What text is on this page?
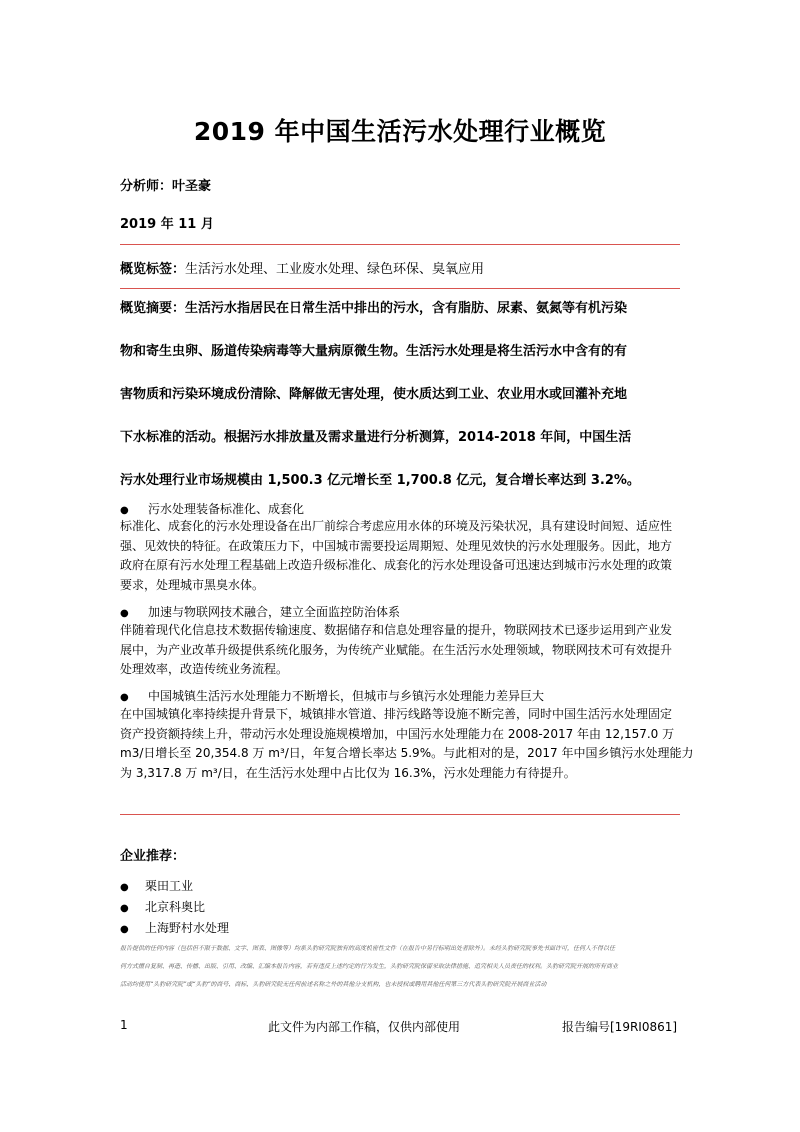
2019 年中国生活污水处理行业概览
分析师：叶圣豪
2019 年 11 月
概览标签：生活污水处理、工业废水处理、绿色环保、臭氧应用
概览摘要：生活污水指居民在日常生活中排出的污水，含有脂肪、尿素、氨氮等有机污染
物和寄生虫卵、肠道传染病毒等大量病原微生物。生活污水处理是将生活污水中含有的有
害物质和污染环境成份清除、降解做无害处理，使水质达到工业、农业用水或回灌补充地
下水标准的活动。根据污水排放量及需求量进行分析测算，2014-2018 年间，中国生活
污水处理行业市场规模由 1,500.3 亿元增长至 1,700.8 亿元，复合增长率达到 3.2%。
● 污水处理装备标准化、成套化
标准化、成套化的污水处理设备在出厂前综合考虑应用水体的环境及污染状况，具有建设时间短、适应性
强、见效快的特征。在政策压力下，中国城市需要投运周期短、处理见效快的污水处理服务。因此，地方
政府在原有污水处理工程基础上改造升级标准化、成套化的污水处理设备可迅速达到城市污水处理的政策
要求，处理城市黑臭水体。
● 加速与物联网技术融合，建立全面监控防治体系
伴随着现代化信息技术数据传输速度、数据储存和信息处理容量的提升，物联网技术已逐步运用到产业发
展中，为产业改革升级提供系统化服务，为传统产业赋能。在生活污水处理领域，物联网技术可有效提升
处理效率，改造传统业务流程。
● 中国城镇生活污水处理能力不断增长，但城市与乡镇污水处理能力差异巨大
在中国城镇化率持续提升背景下，城镇排水管道、排污线路等设施不断完善，同时中国生活污水处理固定
资产投资额持续上升，带动污水处理设施规模增加，中国污水处理能力在 2008-2017 年由 12,157.0 万
m3/日增长至 20,354.8 万 m³/日，年复合增长率达 5.9%。与此相对的是，2017 年中国乡镇污水处理能力
为 3,317.8 万 m³/日，在生活污水处理中占比仅为 16.3%，污水处理能力有待提升。
企业推荐：
● 栗田工业
● 北京科奥比
● 上海野村水处理
报告提供的任何内容（包括但不限于数据、文字、图表、图像等）均系头豹研究院独有的高度机密性文件（在报告中另行标明出处者除外）。未经头豹研究院事先书面许可，任何人不得以任
何方式擅自复制、再造、传播、出版、引用、改编、汇编本报告内容，若有违反上述约定的行为发生，头豹研究院保留采取法律措施、追究相关人员责任的权利。头豹研究院开展的所有商业
活动均使用“头豹研究院”或“头豹”的商号、商标，头豹研究院无任何前述名称之外的其他分支机构，也未授权或聘用其他任何第三方代表头豹研究院开展商业活动
1	此文件为内部工作稿，仅供内部使用	报告编号[19RI0861]
